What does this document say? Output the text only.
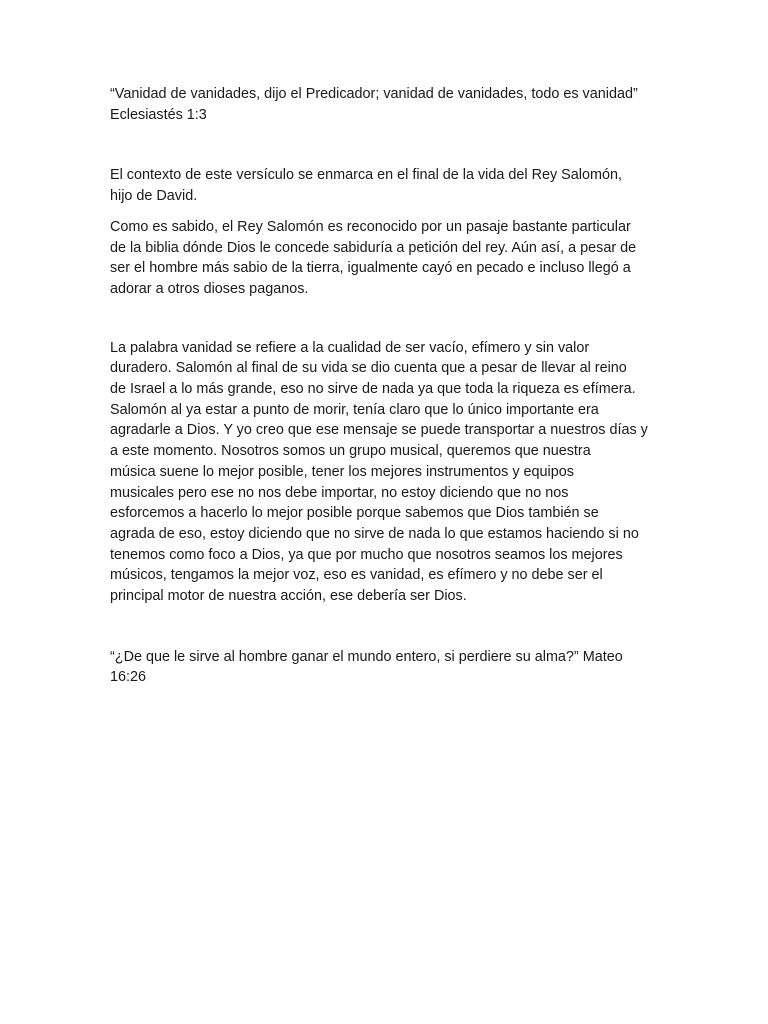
“Vanidad de vanidades, dijo el Predicador; vanidad de vanidades, todo es vanidad”
Eclesiastés 1:3

El contexto de este versículo se enmarca en el final de la vida del Rey Salomón,
hijo de David.

Como es sabido, el Rey Salomón es reconocido por un pasaje bastante particular
de la biblia dónde Dios le concede sabiduría a petición del rey. Aún así, a pesar de
ser el hombre más sabio de la tierra, igualmente cayó en pecado e incluso llegó a
adorar a otros dioses paganos.

La palabra vanidad se refiere a la cualidad de ser vacío, efímero y sin valor
duradero. Salomón al final de su vida se dio cuenta que a pesar de llevar al reino
de Israel a lo más grande, eso no sirve de nada ya que toda la riqueza es efímera.
Salomón al ya estar a punto de morir, tenía claro que lo único importante era
agradarle a Dios. Y yo creo que ese mensaje se puede transportar a nuestros días y
a este momento. Nosotros somos un grupo musical, queremos que nuestra
música suene lo mejor posible, tener los mejores instrumentos y equipos
musicales pero ese no nos debe importar, no estoy diciendo que no nos
esforcemos a hacerlo lo mejor posible porque sabemos que Dios también se
agrada de eso, estoy diciendo que no sirve de nada lo que estamos haciendo si no
tenemos como foco a Dios, ya que por mucho que nosotros seamos los mejores
músicos, tengamos la mejor voz, eso es vanidad, es efímero y no debe ser el
principal motor de nuestra acción, ese debería ser Dios.

“¿De que le sirve al hombre ganar el mundo entero, si perdiere su alma?” Mateo
16:26
